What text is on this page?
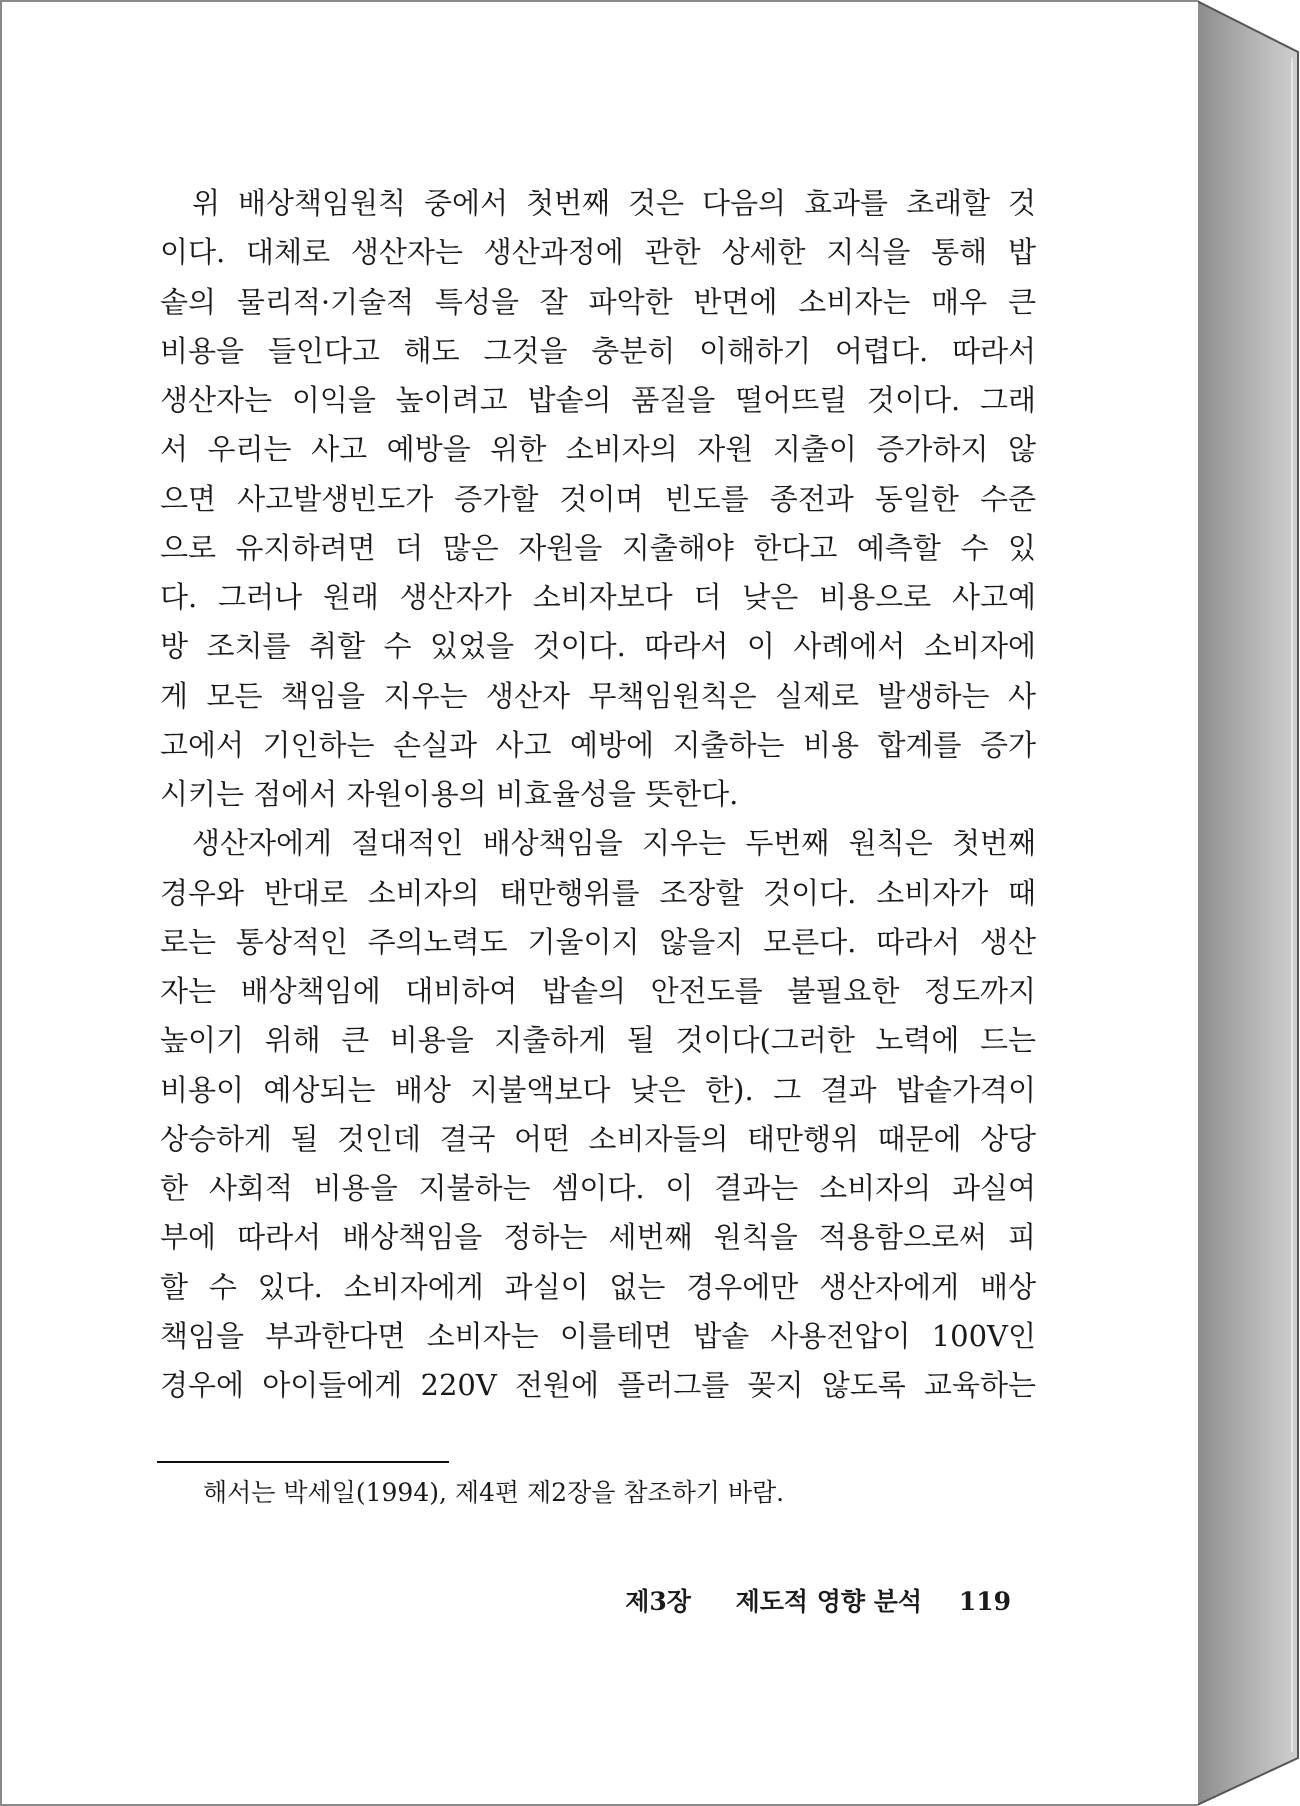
위 배상책임원칙 중에서 첫번째 것은 다음의 효과를 초래할 것
이다. 대체로 생산자는 생산과정에 관한 상세한 지식을 통해 밥
솥의 물리적·기술적 특성을 잘 파악한 반면에 소비자는 매우 큰
비용을 들인다고 해도 그것을 충분히 이해하기 어렵다. 따라서
생산자는 이익을 높이려고 밥솥의 품질을 떨어뜨릴 것이다. 그래
서 우리는 사고 예방을 위한 소비자의 자원 지출이 증가하지 않
으면 사고발생빈도가 증가할 것이며 빈도를 종전과 동일한 수준
으로 유지하려면 더 많은 자원을 지출해야 한다고 예측할 수 있
다. 그러나 원래 생산자가 소비자보다 더 낮은 비용으로 사고예
방 조치를 취할 수 있었을 것이다. 따라서 이 사례에서 소비자에
게 모든 책임을 지우는 생산자 무책임원칙은 실제로 발생하는 사
고에서 기인하는 손실과 사고 예방에 지출하는 비용 합계를 증가
시키는 점에서 자원이용의 비효율성을 뜻한다.
생산자에게 절대적인 배상책임을 지우는 두번째 원칙은 첫번째
경우와 반대로 소비자의 태만행위를 조장할 것이다. 소비자가 때
로는 통상적인 주의노력도 기울이지 않을지 모른다. 따라서 생산
자는 배상책임에 대비하여 밥솥의 안전도를 불필요한 정도까지
높이기 위해 큰 비용을 지출하게 될 것이다(그러한 노력에 드는
비용이 예상되는 배상 지불액보다 낮은 한). 그 결과 밥솥가격이
상승하게 될 것인데 결국 어떤 소비자들의 태만행위 때문에 상당
한 사회적 비용을 지불하는 셈이다. 이 결과는 소비자의 과실여
부에 따라서 배상책임을 정하는 세번째 원칙을 적용함으로써 피
할 수 있다. 소비자에게 과실이 없는 경우에만 생산자에게 배상
책임을 부과한다면 소비자는 이를테면 밥솥 사용전압이 100V인
경우에 아이들에게 220V 전원에 플러그를 꽂지 않도록 교육하는
해서는 박세일(1994), 제4편 제2장을 참조하기 바람.
제3장 제도적 영향 분석 119
